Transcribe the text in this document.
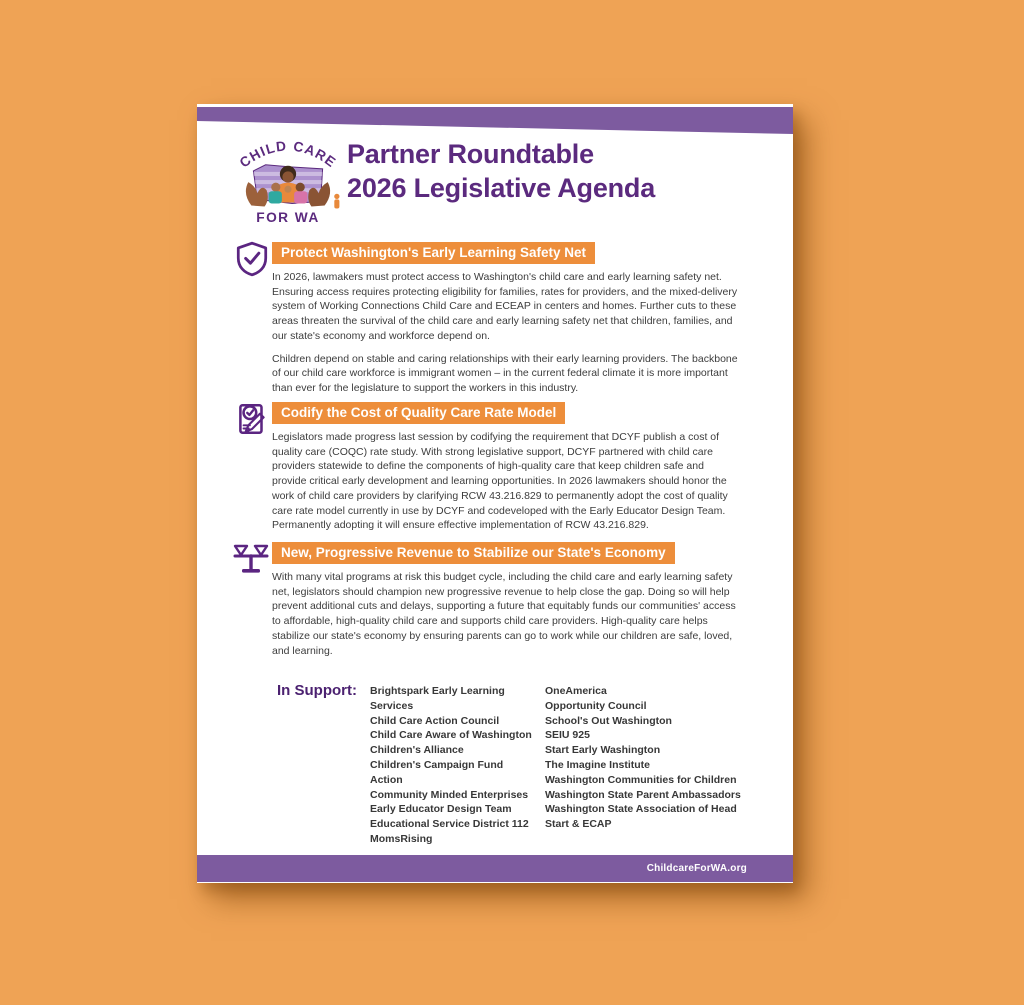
CHILD CARE
FOR WA
Partner Roundtable
2026 Legislative Agenda
Protect Washington's Early Learning Safety Net

In 2026, lawmakers must protect access to Washington's child care and early learning safety net. Ensuring access requires protecting eligibility for families, rates for providers, and the mixed-delivery system of Working Connections Child Care and ECEAP in centers and homes. Further cuts to these areas threaten the survival of the child care and early learning safety net that children, families, and our state's economy and workforce depend on.

Children depend on stable and caring relationships with their early learning providers. The backbone of our child care workforce is immigrant women – in the current federal climate it is more important than ever for the legislature to support the workers in this industry.

Codify the Cost of Quality Care Rate Model

Legislators made progress last session by codifying the requirement that DCYF publish a cost of quality care (COQC) rate study. With strong legislative support, DCYF partnered with child care providers statewide to define the components of high-quality care that keep children safe and provide critical early development and learning opportunities. In 2026 lawmakers should honor the work of child care providers by clarifying RCW 43.216.829 to permanently adopt the cost of quality care rate model currently in use by DCYF and codeveloped with the Early Educator Design Team. Permanently adopting it will ensure effective implementation of RCW 43.216.829.

New, Progressive Revenue to Stabilize our State's Economy

With many vital programs at risk this budget cycle, including the child care and early learning safety net, legislators should champion new progressive revenue to help close the gap. Doing so will help prevent additional cuts and delays, supporting a future that equitably funds our communities' access to affordable, high-quality child care and supports child care providers. High-quality care helps stabilize our state's economy by ensuring parents can go to work while our children are safe, loved, and learning.

In Support: Brightspark Early Learning Services
Child Care Action Council
Child Care Aware of Washington
Children's Alliance
Children's Campaign Fund Action
Community Minded Enterprises
Early Educator Design Team
Educational Service District 112
MomsRising
OneAmerica
Opportunity Council
School's Out Washington
SEIU 925
Start Early Washington
The Imagine Institute
Washington Communities for Children
Washington State Parent Ambassadors
Washington State Association of Head Start & ECAP
ChildcareForWA.org
